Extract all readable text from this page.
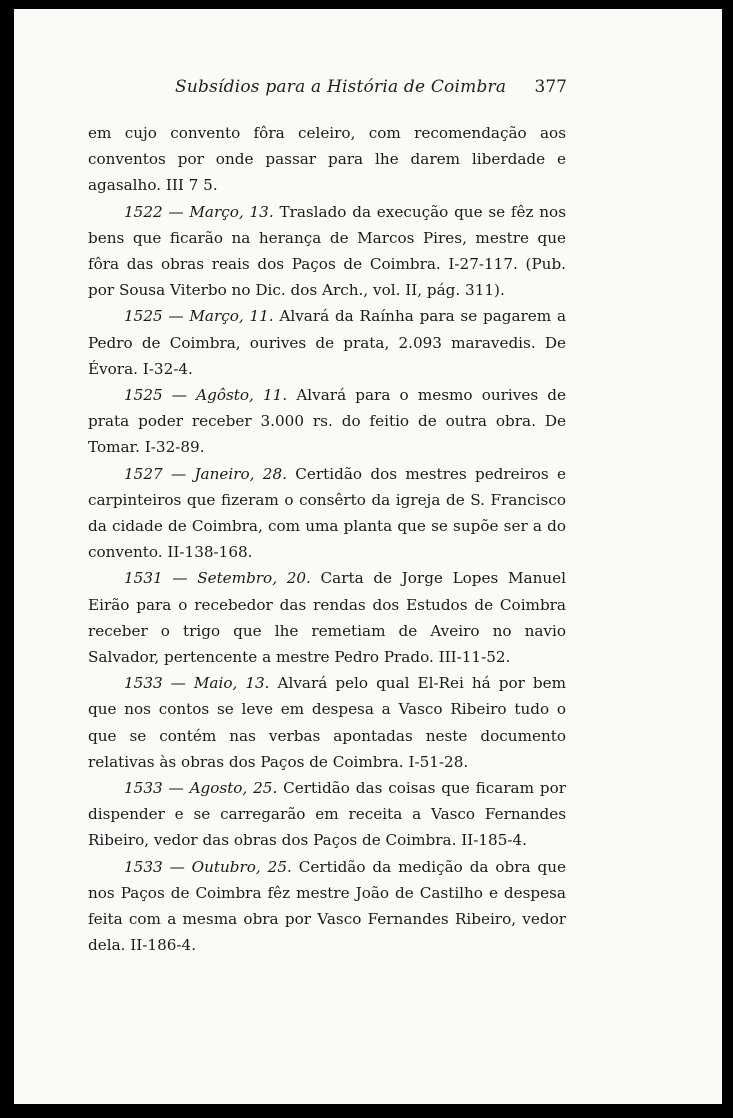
Subsídios para a História de Coimbra 377

em cujo convento fôra celeiro, com recomendação aos conventos por onde passar para lhe darem liberdade e agasalho. III 7 5.

1522 — Março, 13. Traslado da execução que se fêz nos bens que ficarão na herança de Marcos Pires, mestre que fôra das obras reais dos Paços de Coimbra. I-27-117. (Pub. por Sousa Viterbo no Dic. dos Arch., vol. II, pág. 311).

1525 — Março, 11. Alvará da Raínha para se pagarem a Pedro de Coimbra, ourives de prata, 2.093 maravedis. De Évora. I-32-4.

1525 — Agôsto, 11. Alvará para o mesmo ourives de prata poder receber 3.000 rs. do feitio de outra obra. De Tomar. I-32-89.

1527 — Janeiro, 28. Certidão dos mestres pedreiros e carpinteiros que fizeram o consêrto da igreja de S. Francisco da cidade de Coimbra, com uma planta que se supõe ser a do convento. II-138-168.

1531 — Setembro, 20. Carta de Jorge Lopes Manuel Eirão para o recebedor das rendas dos Estudos de Coimbra receber o trigo que lhe remetiam de Aveiro no navio Salvador, pertencente a mestre Pedro Prado. III-11-52.

1533 — Maio, 13. Alvará pelo qual El-Rei há por bem que nos contos se leve em despesa a Vasco Ribeiro tudo o que se contém nas verbas apontadas neste documento relativas às obras dos Paços de Coimbra. I-51-28.

1533 — Agosto, 25. Certidão das coisas que ficaram por dispender e se carregarão em receita a Vasco Fernandes Ribeiro, vedor das obras dos Paços de Coimbra. II-185-4.

1533 — Outubro, 25. Certidão da medição da obra que nos Paços de Coimbra fêz mestre João de Castilho e despesa feita com a mesma obra por Vasco Fernandes Ribeiro, vedor dela. II-186-4.
